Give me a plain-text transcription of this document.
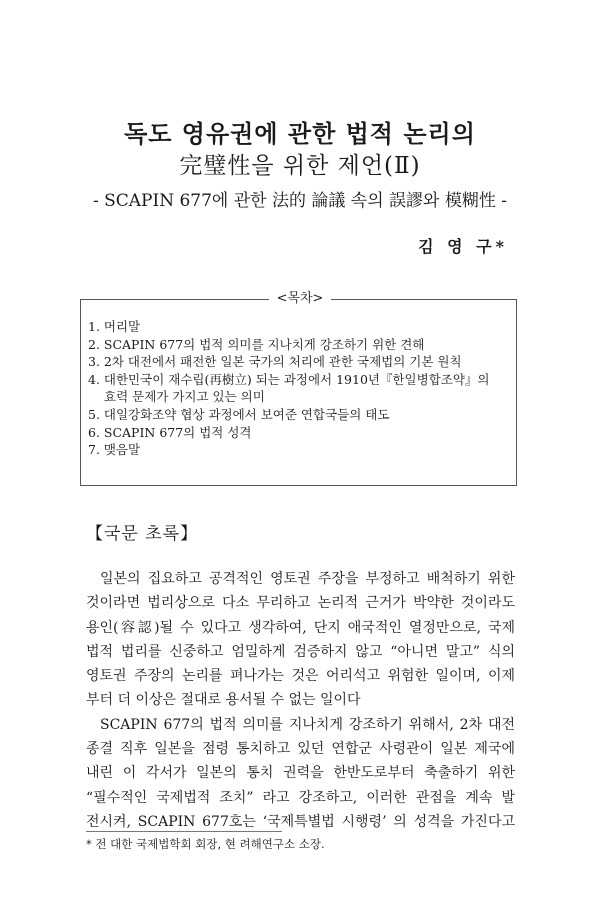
독도 영유권에 관한 법적 논리의
完璧性을 위한 제언(Ⅱ)
- SCAPIN 677에 관한 法的 論議 속의 誤謬와 模糊性 -
김 영 구*
<목차>
1. 머리말
2. SCAPIN 677의 법적 의미를 지나치게 강조하기 위한 견해
3. 2차 대전에서 패전한 일본 국가의 처리에 관한 국제법의 기본 원칙
4. 대한민국이 재수립(再樹立) 되는 과정에서 1910년『한일병합조약』의
효력 문제가 가지고 있는 의미
5. 대일강화조약 협상 과정에서 보여준 연합국들의 태도
6. SCAPIN 677의 법적 성격
7. 맺음말
【국문 초록】

일본의 집요하고 공격적인 영토권 주장을 부정하고 배척하기 위한
것이라면 법리상으로 다소 무리하고 논리적 근거가 박약한 것이라도
용인(容認)될 수 있다고 생각하여, 단지 애국적인 열정만으로, 국제
법적 법리를 신중하고 엄밀하게 검증하지 않고 “아니면 말고” 식의
영토권 주장의 논리를 펴나가는 것은 어리석고 위험한 일이며, 이제
부터 더 이상은 절대로 용서될 수 없는 일이다

SCAPIN 677의 법적 의미를 지나치게 강조하기 위해서, 2차 대전
종결 직후 일본을 점령 통치하고 있던 연합군 사령관이 일본 제국에
내린 이 각서가 일본의 통치 권력을 한반도로부터 축출하기 위한
“필수적인 국제법적 조치” 라고 강조하고, 이러한 관점을 계속 발
전시켜, SCAPIN 677호는 ‘국제특별법 시행령’ 의 성격을 가진다고

* 전 대한 국제법학회 회장, 현 려해연구소 소장.
